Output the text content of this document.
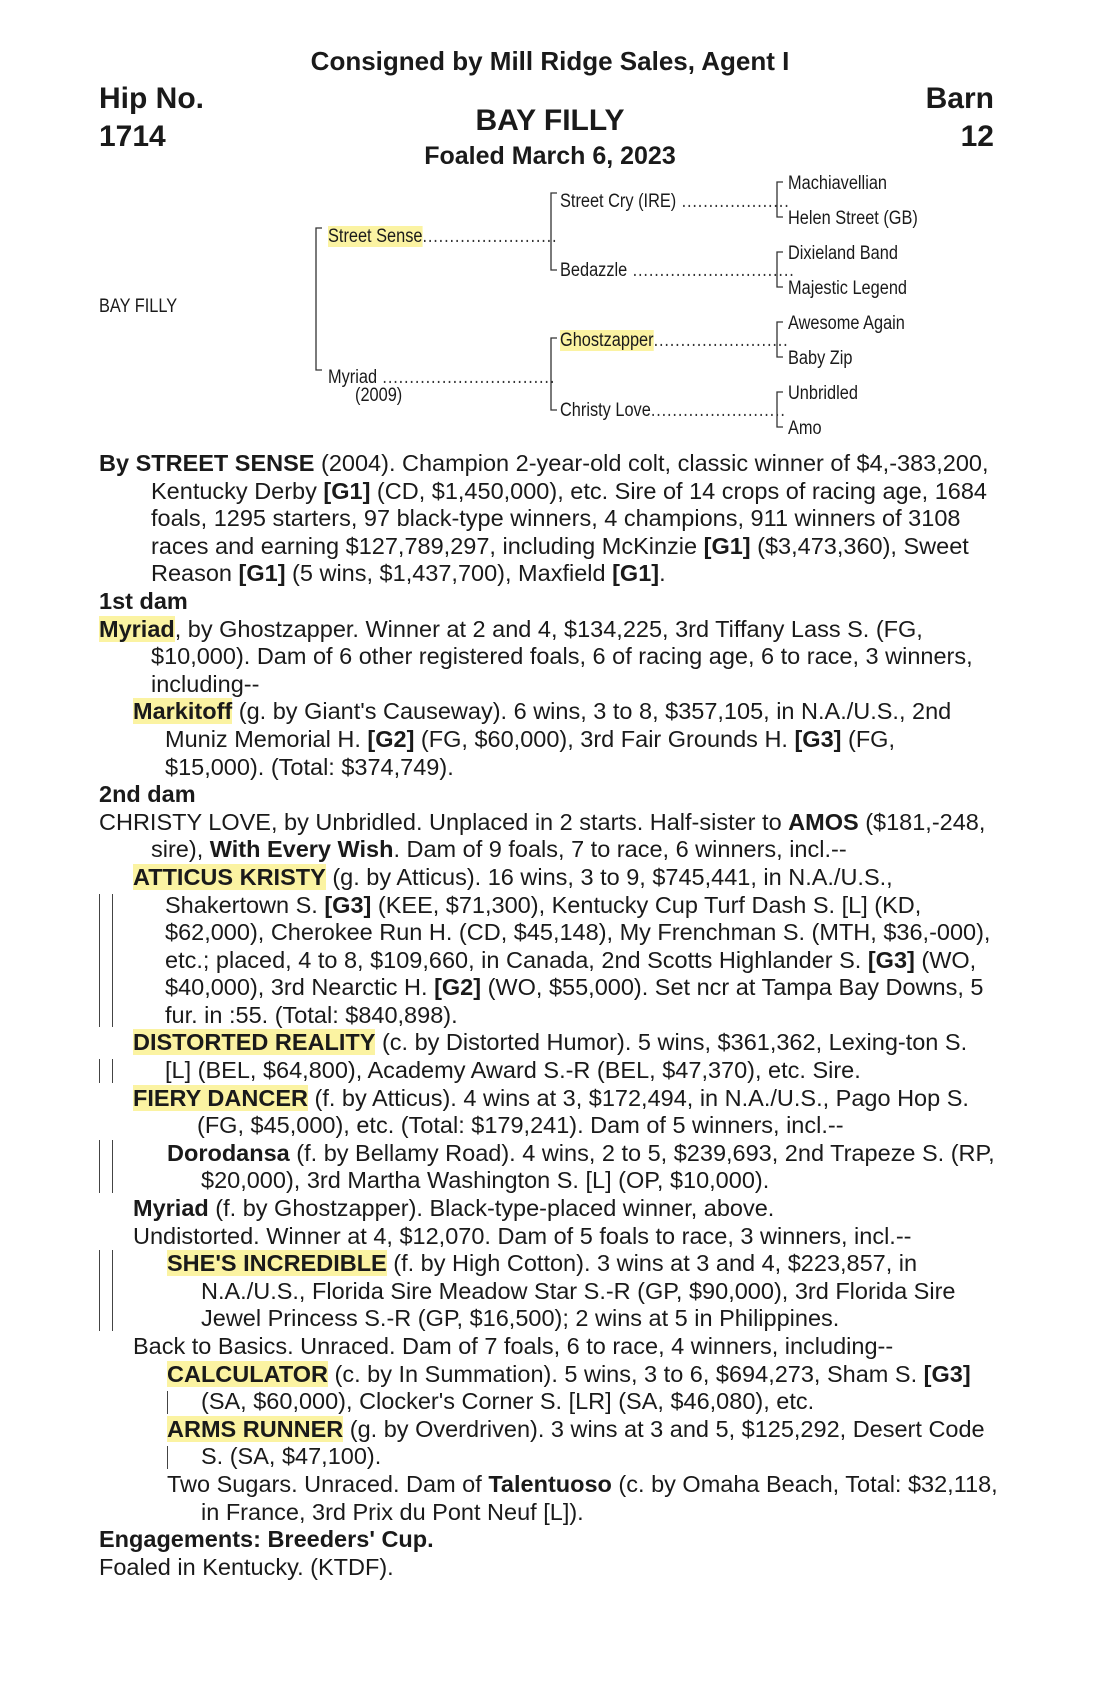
Consigned by Mill Ridge Sales, Agent I
Hip No.
1714
Barn
12
BAY FILLY
Foaled March 6, 2023
BAY FILLY
Street Sense.........................
Myriad ................................
(2009)
Street Cry (IRE) ....................
Bedazzle ..............................
Ghostzapper.........................
Christy Love.........................
Machiavellian
Helen Street (GB)
Dixieland Band
Majestic Legend
Awesome Again
Baby Zip
Unbridled
Amo
By STREET SENSE (2004). Champion 2-year-old colt, classic winner of $4,-383,200, Kentucky Derby [G1] (CD, $1,450,000), etc. Sire of 14 crops of racing age, 1684 foals, 1295 starters, 97 black-type winners, 4 champions, 911 winners of 3108 races and earning $127,789,297, including McKinzie [G1] ($3,473,360), Sweet Reason [G1] (5 wins, $1,437,700), Maxfield [G1].
1st dam
Myriad, by Ghostzapper. Winner at 2 and 4, $134,225, 3rd Tiffany Lass S. (FG, $10,000). Dam of 6 other registered foals, 6 of racing age, 6 to race, 3 winners, including--
Markitoff (g. by Giant's Causeway). 6 wins, 3 to 8, $357,105, in N.A./U.S., 2nd Muniz Memorial H. [G2] (FG, $60,000), 3rd Fair Grounds H. [G3] (FG, $15,000). (Total: $374,749).
2nd dam
CHRISTY LOVE, by Unbridled. Unplaced in 2 starts. Half-sister to AMOS ($181,-248, sire), With Every Wish. Dam of 9 foals, 7 to race, 6 winners, incl.--
ATTICUS KRISTY (g. by Atticus). 16 wins, 3 to 9, $745,441, in N.A./U.S., Shakertown S. [G3] (KEE, $71,300), Kentucky Cup Turf Dash S. [L] (KD, $62,000), Cherokee Run H. (CD, $45,148), My Frenchman S. (MTH, $36,-000), etc.; placed, 4 to 8, $109,660, in Canada, 2nd Scotts Highlander S. [G3] (WO, $40,000), 3rd Nearctic H. [G2] (WO, $55,000). Set ncr at Tampa Bay Downs, 5 fur. in :55. (Total: $840,898).
DISTORTED REALITY (c. by Distorted Humor). 5 wins, $361,362, Lexing-ton S. [L] (BEL, $64,800), Academy Award S.-R (BEL, $47,370), etc. Sire.
FIERY DANCER (f. by Atticus). 4 wins at 3, $172,494, in N.A./U.S., Pago Hop S. (FG, $45,000), etc. (Total: $179,241). Dam of 5 winners, incl.--
Dorodansa (f. by Bellamy Road). 4 wins, 2 to 5, $239,693, 2nd Trapeze S. (RP, $20,000), 3rd Martha Washington S. [L] (OP, $10,000).
Myriad (f. by Ghostzapper). Black-type-placed winner, above.
Undistorted. Winner at 4, $12,070. Dam of 5 foals to race, 3 winners, incl.--
SHE'S INCREDIBLE (f. by High Cotton). 3 wins at 3 and 4, $223,857, in N.A./U.S., Florida Sire Meadow Star S.-R (GP, $90,000), 3rd Florida Sire Jewel Princess S.-R (GP, $16,500); 2 wins at 5 in Philippines.
Back to Basics. Unraced. Dam of 7 foals, 6 to race, 4 winners, including--
CALCULATOR (c. by In Summation). 5 wins, 3 to 6, $694,273, Sham S. [G3] (SA, $60,000), Clocker's Corner S. [LR] (SA, $46,080), etc.
ARMS RUNNER (g. by Overdriven). 3 wins at 3 and 5, $125,292, Desert Code S. (SA, $47,100).
Two Sugars. Unraced. Dam of Talentuoso (c. by Omaha Beach, Total: $32,118, in France, 3rd Prix du Pont Neuf [L]).
Engagements: Breeders' Cup.
Foaled in Kentucky. (KTDF).
